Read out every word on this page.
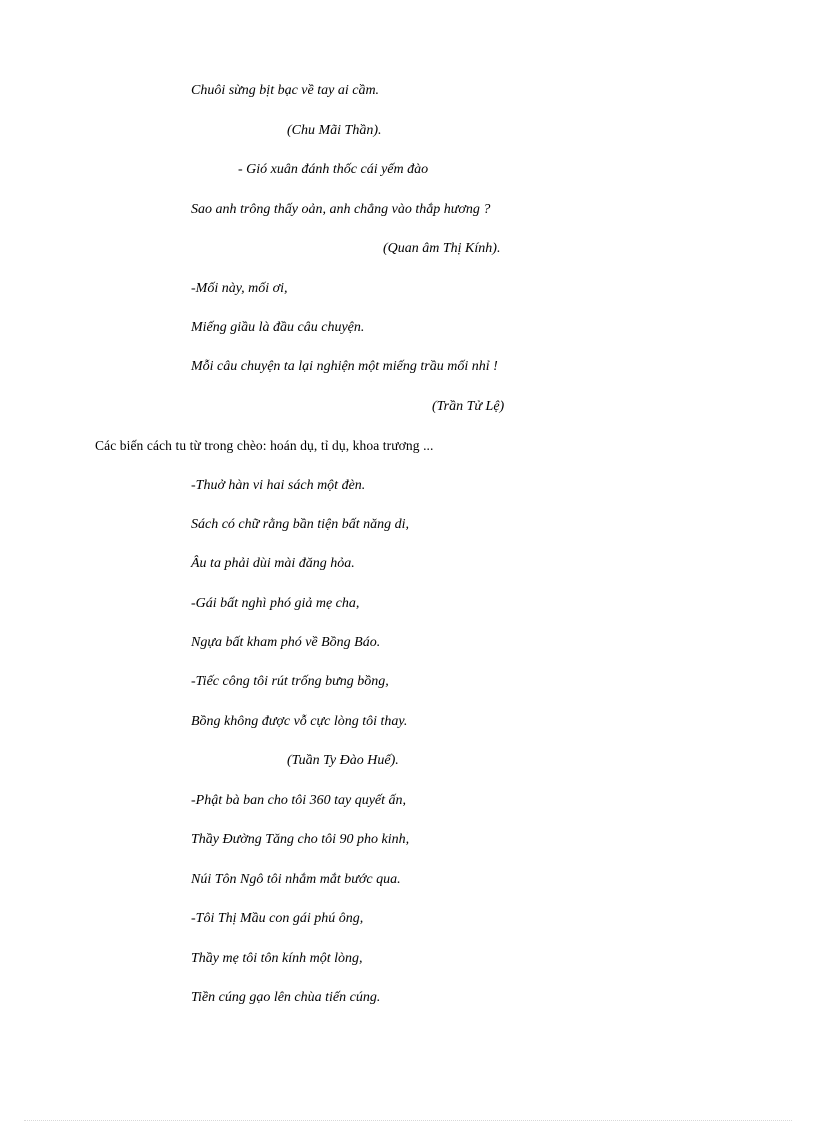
Chuôi sừng bịt bạc về tay ai cầm.
(Chu Mãi Thần).
- Gió xuân đánh thốc cái yếm đào
Sao anh trông thấy oản, anh chẳng vào thắp hương ?
(Quan âm Thị Kính).
-Mối này, mối ơi,
Miếng giầu là đầu câu chuyện.
Mỗi câu chuyện ta lại nghiện một miếng trầu mối nhỉ !
(Trần Tử Lệ)
Các biến cách tu từ trong chèo: hoán dụ, tỉ dụ, khoa trương ...
-Thuở hàn vi hai sách một đèn.
Sách có chữ rằng bần tiện bất năng di,
Âu ta phải dùi mài đăng hỏa.
-Gái bất nghì phó giả mẹ cha,
Ngựa bất kham phó về Bồng Báo.
-Tiếc công tôi rút trống bưng bồng,
Bồng không được vỗ cực lòng tôi thay.
(Tuần Ty Đào Huế).
-Phật bà ban cho tôi 360 tay quyết ấn,
Thầy Đường Tăng cho tôi 90 pho kinh,
Núi Tôn Ngô tôi nhắm mắt bước qua.
-Tôi Thị Mầu con gái phú ông,
Thầy mẹ tôi tôn kính một lòng,
Tiền cúng gạo lên chùa tiến cúng.
